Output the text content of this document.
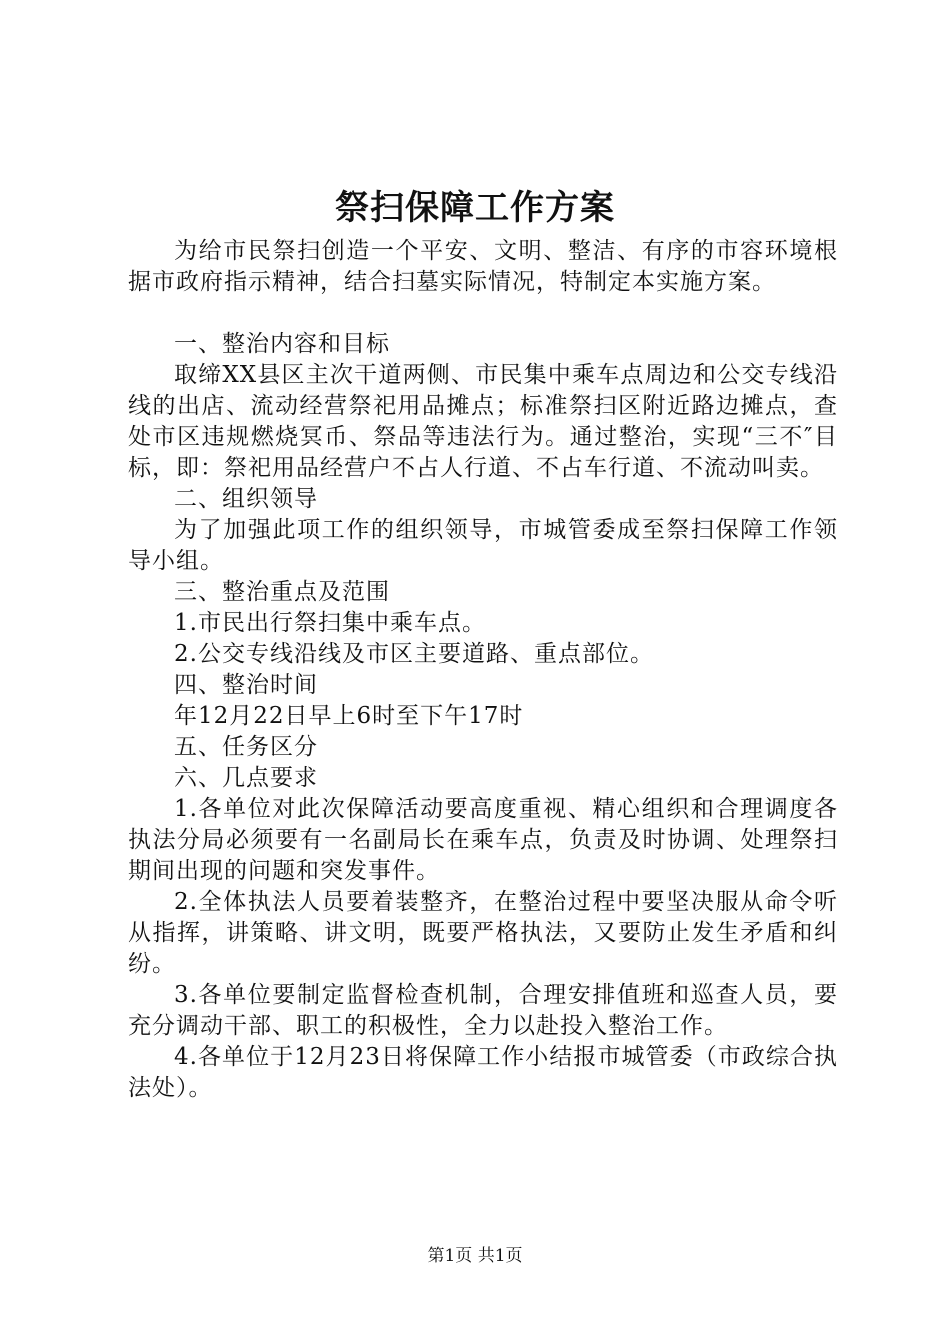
祭扫保障工作方案

为给市民祭扫创造一个平安、文明、整洁、有序的市容环境根据市政府指示精神，结合扫墓实际情况，特制定本实施方案。

一、整治内容和目标

取缔XX县区主次干道两侧、市民集中乘车点周边和公交专线沿线的出店、流动经营祭祀用品摊点；标准祭扫区附近路边摊点，查处市区违规燃烧冥币、祭品等违法行为。通过整治，实现“三不″目标，即：祭祀用品经营户不占人行道、不占车行道、不流动叫卖。

二、组织领导

为了加强此项工作的组织领导，市城管委成至祭扫保障工作领导小组。

三、整治重点及范围

1.市民出行祭扫集中乘车点。

2.公交专线沿线及市区主要道路、重点部位。

四、整治时间

年12月22日早上6时至下午17时

五、任务区分

六、几点要求

1.各单位对此次保障活动要高度重视、精心组织和合理调度各执法分局必须要有一名副局长在乘车点，负责及时协调、处理祭扫期间出现的问题和突发事件。

2.全体执法人员要着装整齐，在整治过程中要坚决服从命令听从指挥，讲策略、讲文明，既要严格执法，又要防止发生矛盾和纠纷。

3.各单位要制定监督检查机制，合理安排值班和巡查人员，要充分调动干部、职工的积极性，全力以赴投入整治工作。

4.各单位于12月23日将保障工作小结报市城管委（市政综合执法处）。

第1页 共1页
